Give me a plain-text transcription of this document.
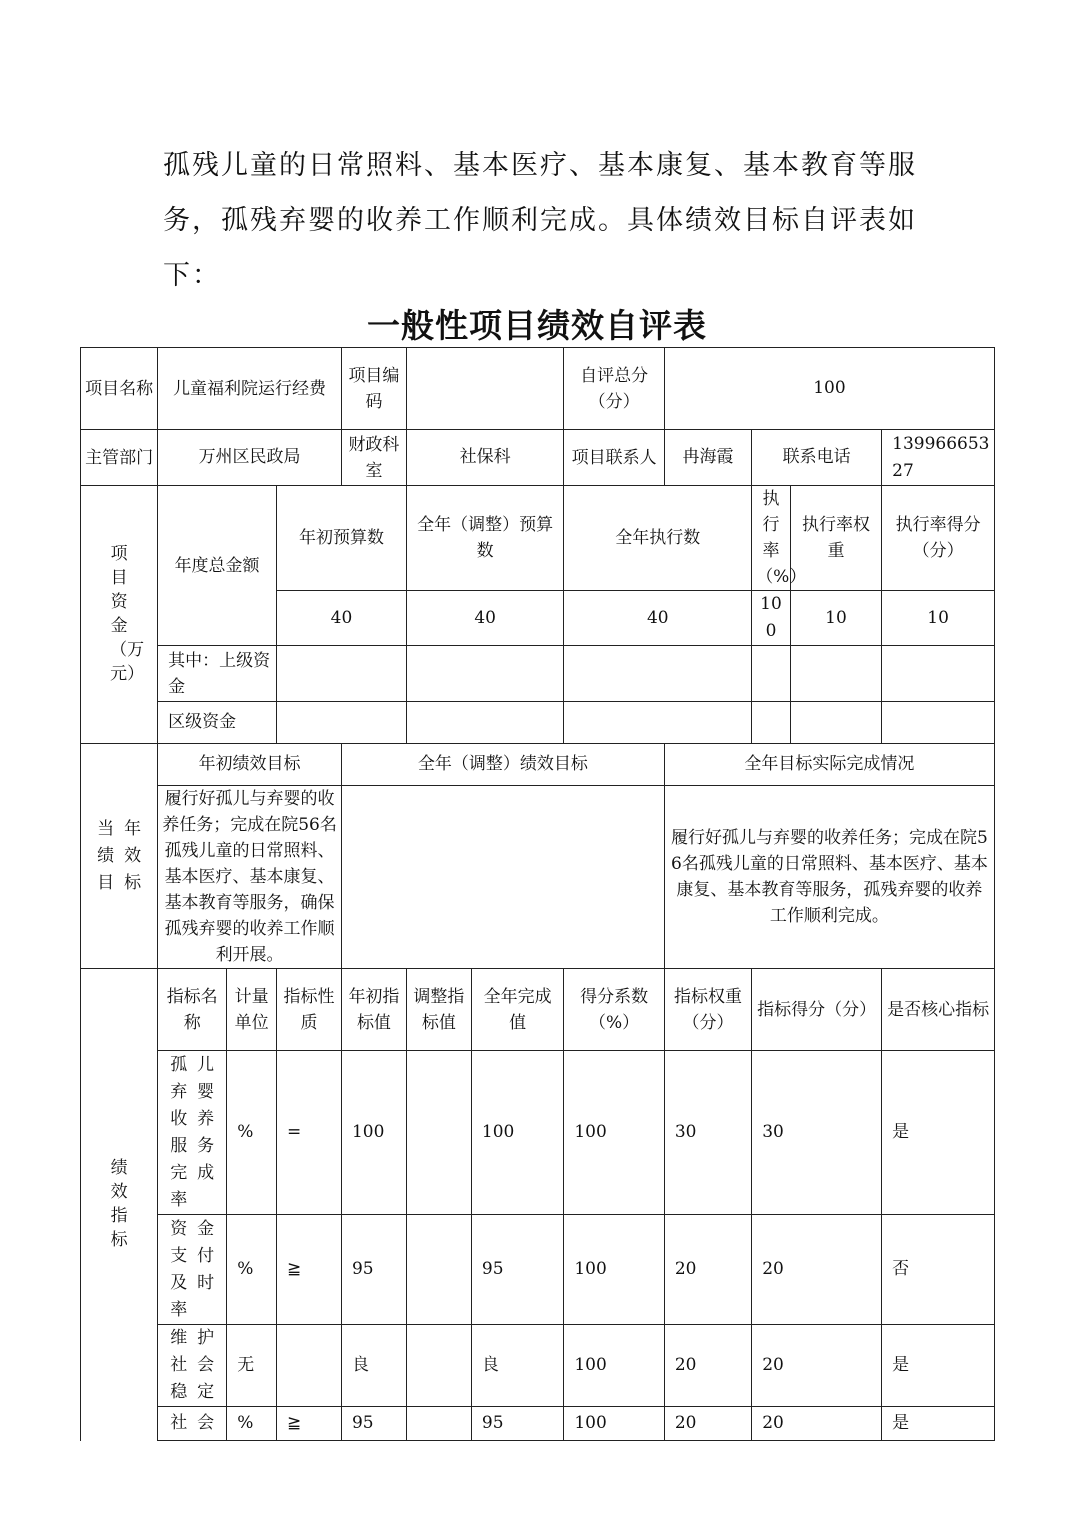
孤残儿童的日常照料、基本医疗、基本康复、基本教育等服

务，孤残弃婴的收养工作顺利完成。具体绩效目标自评表如

下：

一般性项目绩效自评表
项目名称	儿童福利院运行经费			项目编码			自评总分（分）	100			
主管部门	万州区民政局			财政科室	社保科		项目联系人	冉海霞	联系电话		13996665327
项目资金（万元）	年度总金额		年初预算数		全年（调整）预算数		全年执行数		执行率（%）	执行率权重	执行率得分（分）
			40		40		40		100	10	10
	其中：上级资金										
	区级资金										
当年绩效目标	年初绩效目标			全年（调整）绩效目标				全年目标实际完成情况			
	履行好孤儿与弃婴的收养任务；完成在院56名孤残儿童的日常照料、基本医疗、基本康复、基本教育等服务，确保孤残弃婴的收养工作顺利开展。							履行好孤儿与弃婴的收养任务；完成在院56名孤残儿童的日常照料、基本医疗、基本康复、基本教育等服务，孤残弃婴的收养工作顺利完成。			
绩效指标	指标名称	计量单位	指标性质	年初指标值	调整指标值	全年完成值	得分系数（%）	指标权重（分）	指标得分（分）		是否核心指标
	孤儿弃婴收养服务完成率	%	=	100		100	100	30	30		是
	资金支付及时率	%	≧	95		95	100	20	20		否
	维护社会稳定	无		良		良	100	20	20		是
	社会	%	≧	95		95	100	20	20		是
